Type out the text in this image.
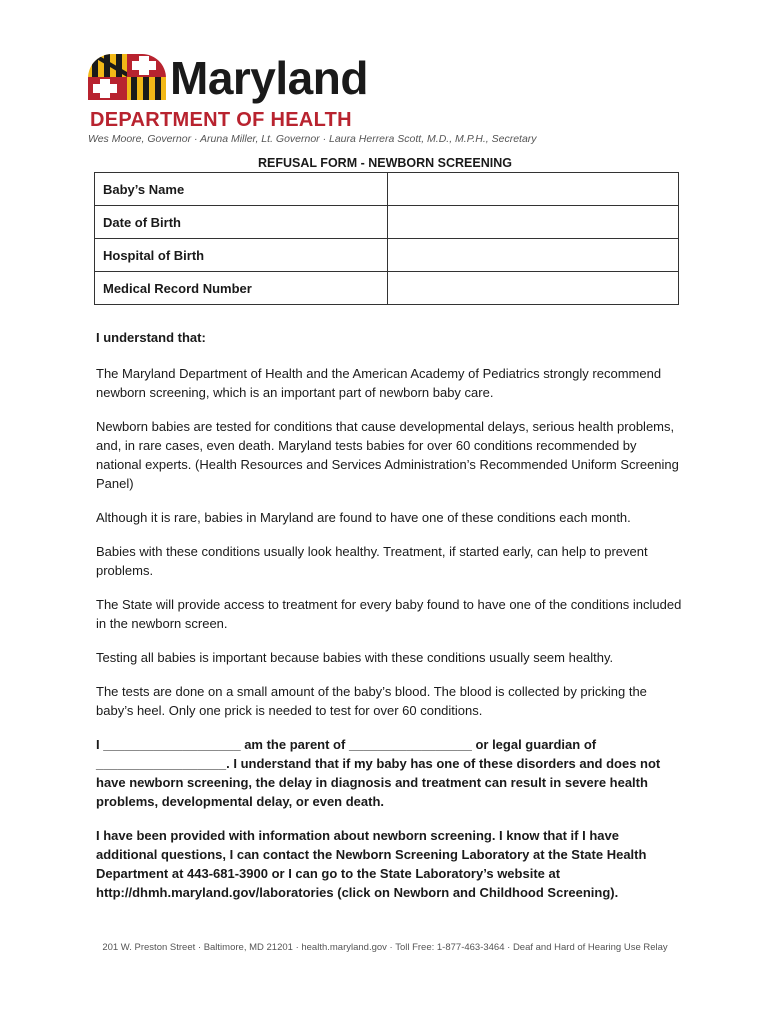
Maryland
DEPARTMENT OF HEALTH
Wes Moore, Governor · Aruna Miller, Lt. Governor · Laura Herrera Scott, M.D., M.P.H., Secretary
REFUSAL FORM - NEWBORN SCREENING
Baby’s Name	
Date of Birth	
Hospital of Birth	
Medical Record Number	

I understand that:

The Maryland Department of Health and the American Academy of Pediatrics strongly recommend newborn screening, which is an important part of newborn baby care.

Newborn babies are tested for conditions that cause developmental delays, serious health problems, and, in rare cases, even death. Maryland tests babies for over 60 conditions recommended by national experts. (Health Resources and Services Administration’s Recommended Uniform Screening Panel)

Although it is rare, babies in Maryland are found to have one of these conditions each month.

Babies with these conditions usually look healthy. Treatment, if started early, can help to prevent problems.

The State will provide access to treatment for every baby found to have one of the conditions included in the newborn screen.

Testing all babies is important because babies with these conditions usually seem healthy.

The tests are done on a small amount of the baby’s blood. The blood is collected by pricking the baby’s heel. Only one prick is needed to test for over 60 conditions.

I ___________________ am the parent of _________________ or legal guardian of __________________. I understand that if my baby has one of these disorders and does not have newborn screening, the delay in diagnosis and treatment can result in severe health problems, developmental delay, or even death.

I have been provided with information about newborn screening. I know that if I have additional questions, I can contact the Newborn Screening Laboratory at the State Health Department at 443-681-3900 or I can go to the State Laboratory’s website at http://dhmh.maryland.gov/laboratories (click on Newborn and Childhood Screening).

201 W. Preston Street · Baltimore, MD 21201 · health.maryland.gov · Toll Free: 1-877-463-3464 · Deaf and Hard of Hearing Use Relay
